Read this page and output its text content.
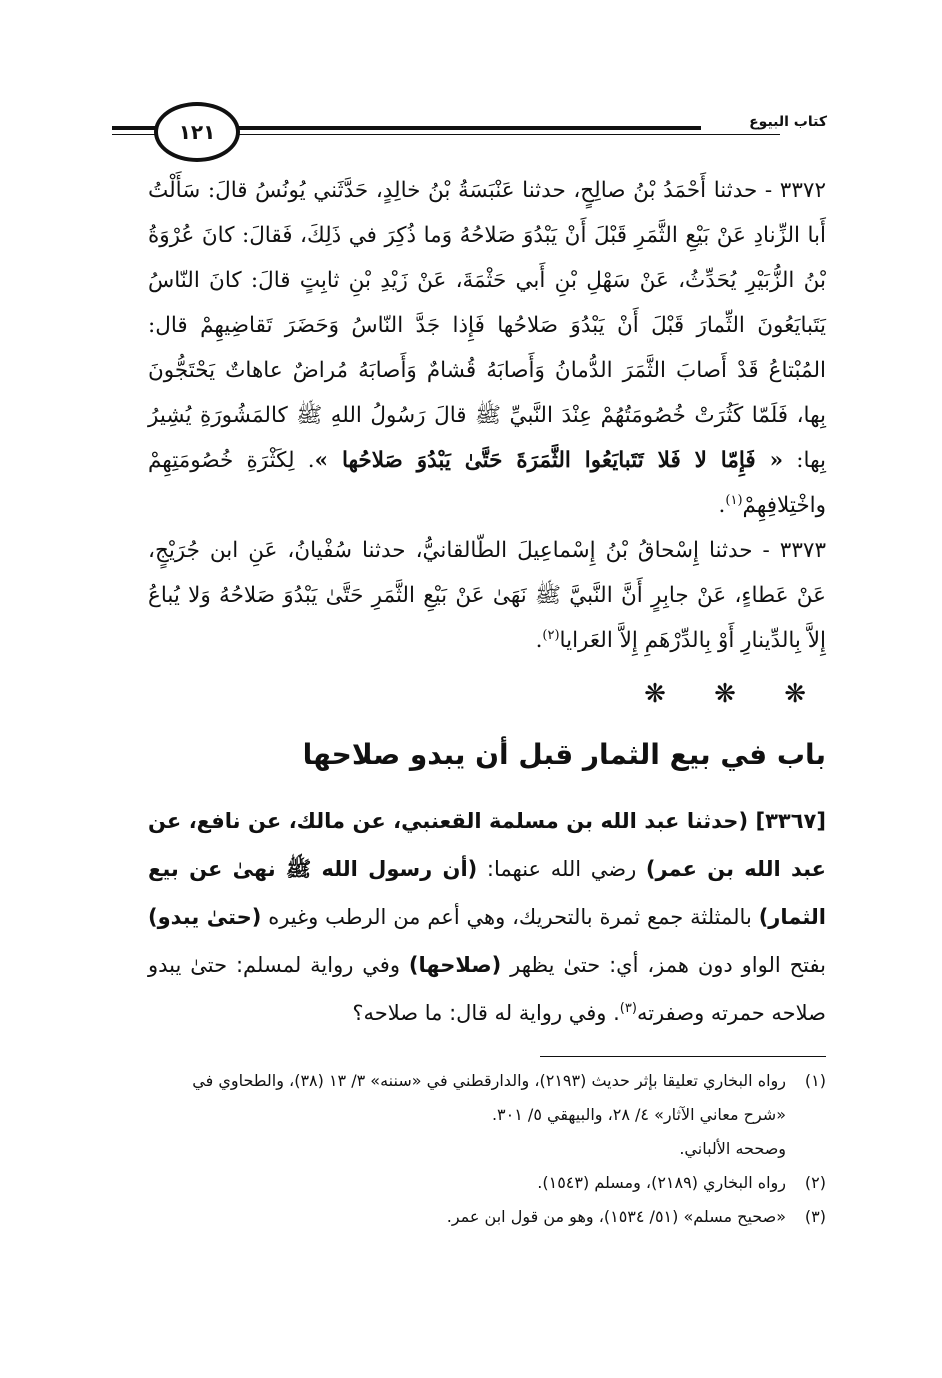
١٢١	كتاب البيوع

٣٣٧٢ - حدثنا أَحْمَدُ بْنُ صالِحٍ، حدثنا عَنْبَسَةُ بْنُ خالِدٍ، حَدَّثَني يُونُسُ قالَ: سَأَلْتُ أَبا الزِّنادِ عَنْ بَيْعِ الثَّمَرِ قَبْلَ أَنْ يَبْدُوَ صَلاحُهُ وَما ذُكِرَ في ذَلِكَ، فَقالَ: كانَ عُرْوَةُ بْنُ الزُّبَيْرِ يُحَدِّثُ، عَنْ سَهْلِ بْنِ أَبي حَثْمَةَ، عَنْ زَيْدِ بْنِ ثابِتٍ قالَ: كانَ النّاسُ يَتَبايَعُونَ الثِّمارَ قَبْلَ أَنْ يَبْدُوَ صَلاحُها فَإِذا جَدَّ النّاسُ وَحَضَرَ تَقاضِيهِمْ قال: المُبْتاعُ قَدْ أَصابَ الثَّمَرَ الدُّمانُ وَأَصابَهُ قُشامٌ وَأَصابَهُ مُراضٌ عاهاتٌ يَحْتَجُّونَ بِها، فَلَمّا كَثُرَتْ خُصُومَتُهُمْ عِنْدَ النَّبيِّ ﷺ قالَ رَسُولُ اللهِ ﷺ كالمَشُورَةِ يُشِيرُ بِها: « فَإِمّا لا فَلا تَتَبايَعُوا الثَّمَرَةَ حَتَّىٰ يَبْدُوَ صَلاحُها ». لِكَثْرَةِ خُصُومَتِهِمْ واخْتِلافِهِمْ$^{(١)}$.

٣٣٧٣ - حدثنا إِسْحاقُ بْنُ إِسْماعِيلَ الطّالقانيُّ، حدثنا سُفْيانُ، عَنِ ابن جُرَيْجٍ، عَنْ عَطاءٍ، عَنْ جابِرٍ أَنَّ النَّبيَّ ﷺ نَهَىٰ عَنْ بَيْعِ الثَّمَرِ حَتَّىٰ يَبْدُوَ صَلاحُهُ وَلا يُباعُ إِلاَّ بِالدِّينارِ أَوْ بِالدِّرْهَمِ إِلاَّ العَرايا$^{(٢)}$.

❋ ❋ ❋
باب في بيع الثمار قبل أن يبدو صلاحها

[٣٣٦٧] (حدثنا عبد الله بن مسلمة القعنبي، عن مالك، عن نافع، عن عبد الله بن عمر) رضي الله عنهما: (أن رسول الله ﷺ نهىٰ عن بيع الثمار) بالمثلثة جمع ثمرة بالتحريك، وهي أعم من الرطب وغيره (حتىٰ يبدو) بفتح الواو دون همز، أي: حتىٰ يظهر (صلاحها) وفي رواية لمسلم: حتىٰ يبدو صلاحه حمرته وصفرته$^{(٣)}$. وفي رواية له قال: ما صلاحه؟

(١)
رواه البخاري تعليقا بإثر حديث (٢١٩٣)، والدارقطني في «سننه» ٣/ ١٣ (٣٨)، والطحاوي في «شرح معاني الآثار» ٤/ ٢٨، والبيهقي ٥/ ٣٠١.

وصححه الألباني.

(٢)
رواه البخاري (٢١٨٩)، ومسلم (١٥٤٣).

(٣)
«صحيح مسلم» (٥١/ ١٥٣٤)، وهو من قول ابن عمر.
